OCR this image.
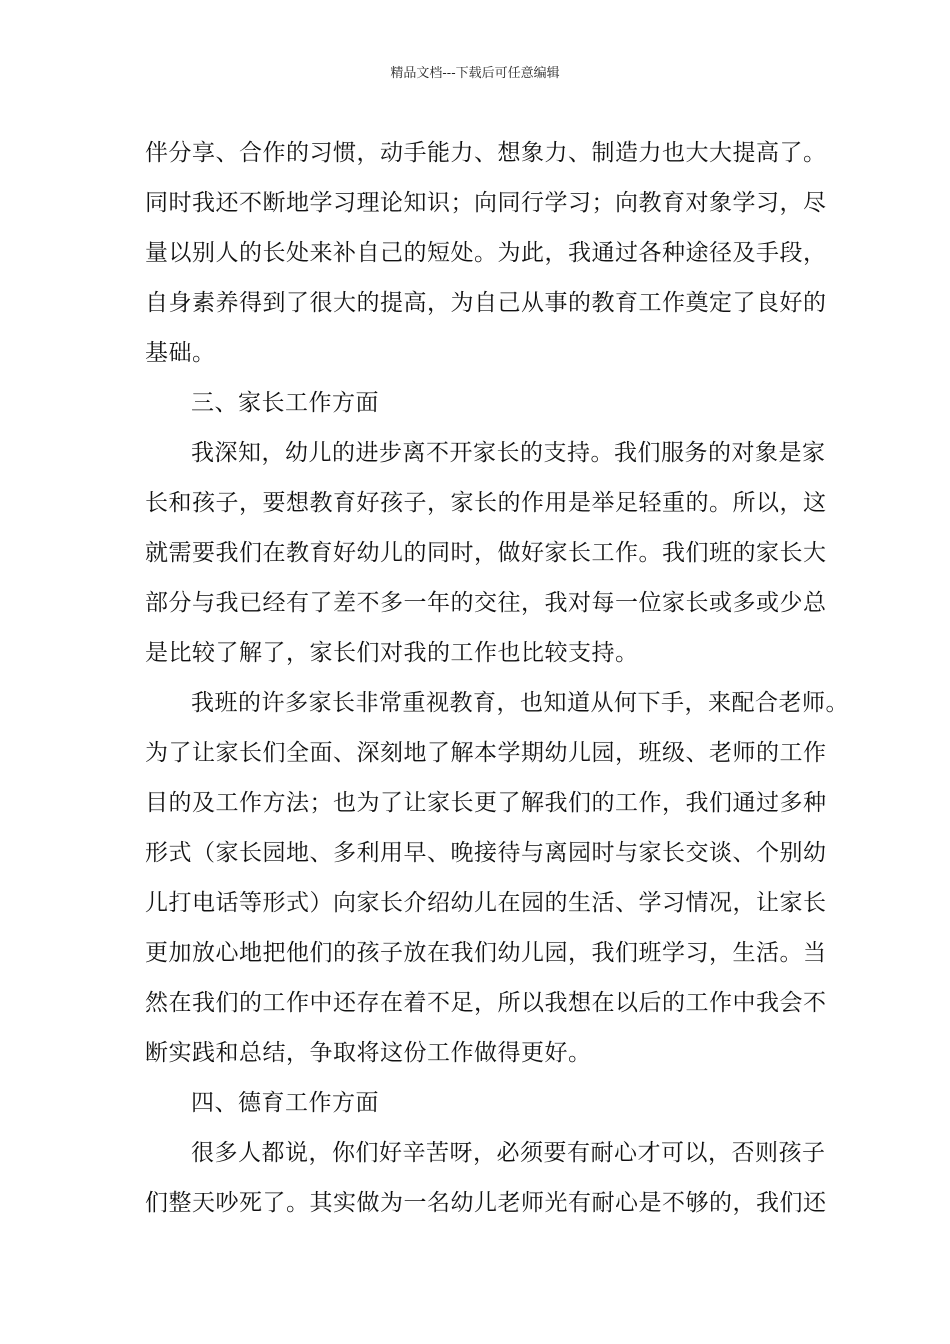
精品文档---下载后可任意编辑
伴分享、合作的习惯，动手能力、想象力、制造力也大大提高了。
同时我还不断地学习理论知识；向同行学习；向教育对象学习，尽
量以别人的长处来补自己的短处。为此，我通过各种途径及手段，
自身素养得到了很大的提高，为自己从事的教育工作奠定了良好的
基础。
三、家长工作方面
我深知，幼儿的进步离不开家长的支持。我们服务的对象是家
长和孩子，要想教育好孩子，家长的作用是举足轻重的。所以，这
就需要我们在教育好幼儿的同时，做好家长工作。我们班的家长大
部分与我已经有了差不多一年的交往，我对每一位家长或多或少总
是比较了解了，家长们对我的工作也比较支持。
我班的许多家长非常重视教育，也知道从何下手，来配合老师。
为了让家长们全面、深刻地了解本学期幼儿园，班级、老师的工作
目的及工作方法；也为了让家长更了解我们的工作，我们通过多种
形式（家长园地、多利用早、晚接待与离园时与家长交谈、个别幼
儿打电话等形式）向家长介绍幼儿在园的生活、学习情况，让家长
更加放心地把他们的孩子放在我们幼儿园，我们班学习，生活。当
然在我们的工作中还存在着不足，所以我想在以后的工作中我会不
断实践和总结，争取将这份工作做得更好。
四、德育工作方面
很多人都说，你们好辛苦呀，必须要有耐心才可以，否则孩子
们整天吵死了。其实做为一名幼儿老师光有耐心是不够的，我们还
